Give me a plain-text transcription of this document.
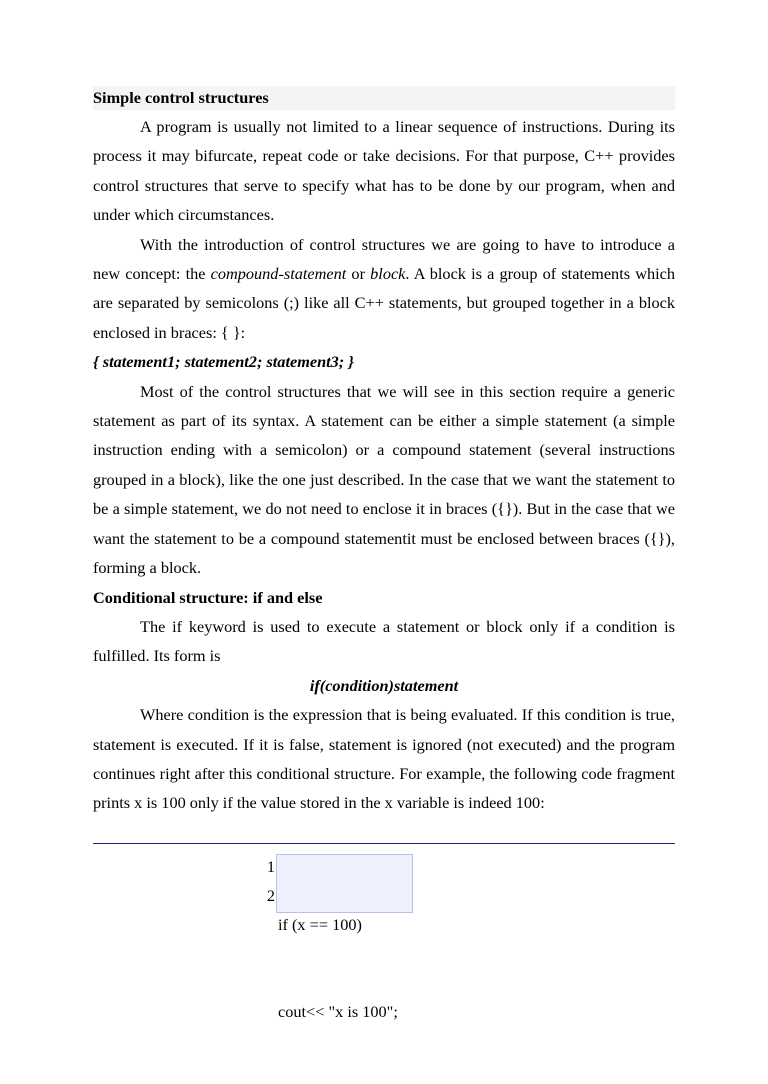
Simple control structures

A program is usually not limited to a linear sequence of instructions. During its process it may bifurcate, repeat code or take decisions. For that purpose, C++ provides control structures that serve to specify what has to be done by our program, when and under which circumstances.

With the introduction of control structures we are going to have to introduce a new concept: the compound-statement or block. A block is a group of statements which are separated by semicolons (;) like all C++ statements, but grouped together in a block enclosed in braces: { }:

{ statement1; statement2; statement3; }

Most of the control structures that we will see in this section require a generic statement as part of its syntax. A statement can be either a simple statement (a simple instruction ending with a semicolon) or a compound statement (several instructions grouped in a block), like the one just described. In the case that we want the statement to be a simple statement, we do not need to enclose it in braces ({}). But in the case that we want the statement to be a compound statementit must be enclosed between braces ({}), forming a block.

Conditional structure: if and else

The if keyword is used to execute a statement or block only if a condition is fulfilled. Its form is

if(condition)statement

Where condition is the expression that is being evaluated. If this condition is true, statement is executed. If it is false, statement is ignored (not executed) and the program continues right after this conditional structure. For example, the following code fragment prints x is 100 only if the value stored in the x variable is indeed 100:

1
2

if (x == 100)

cout<< "x is 100";
